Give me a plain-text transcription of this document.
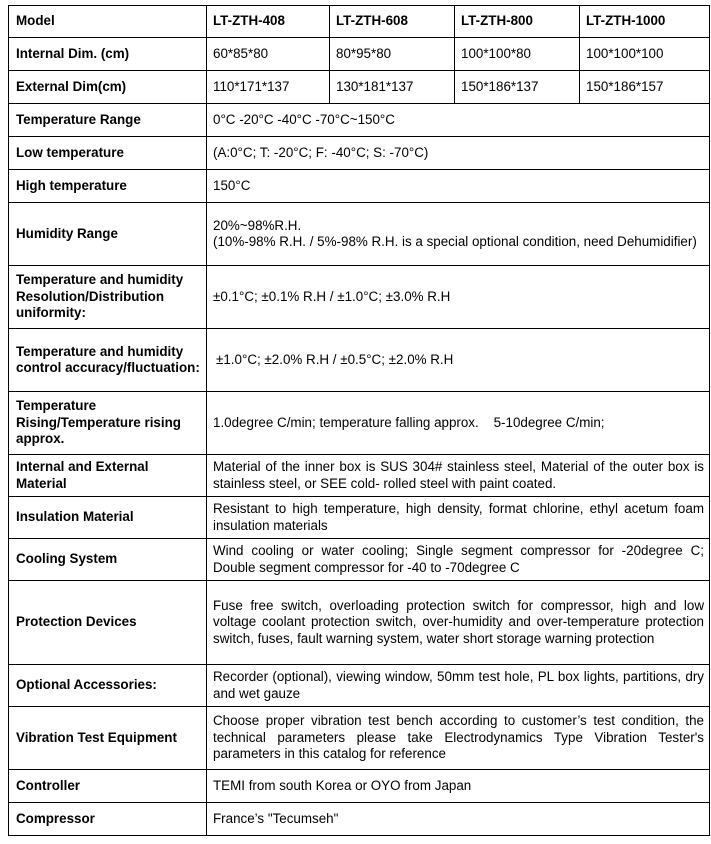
Model	LT-ZTH-408	LT-ZTH-608	LT-ZTH-800	LT-ZTH-1000
Internal Dim. (cm)	60*85*80	80*95*80	100*100*80	100*100*100
External Dim(cm)	110*171*137	130*181*137	150*186*137	150*186*157
Temperature Range	0°C -20°C -40°C -70°C~150°C			
Low temperature	(A:0°C; T: -20°C; F: -40°C; S: -70°C)			
High temperature	150°C			
Humidity Range	20%~98%R.H.
(10%-98% R.H. / 5%-98% R.H. is a special optional condition, need Dehumidifier)			

Temperature and humidity Resolution/Distribution uniformity:	±0.1°C; ±0.1% R.H / ±1.0°C; ±3.0% R.H			
Temperature and humidity control accuracy/fluctuation:	±1.0°C; ±2.0% R.H / ±0.5°C; ±2.0% R.H			
Temperature Rising/Temperature rising approx.	1.0degree C/min; temperature falling approx.    5-10degree C/min;			
Internal and External Material	Material of the inner box is SUS 304# stainless steel, Material of the outer box is stainless steel, or SEE cold- rolled steel with paint coated.			
Insulation Material	Resistant to high temperature, high density, format chlorine, ethyl acetum foam insulation materials			
Cooling System	Wind cooling or water cooling; Single segment compressor for -20degree C; Double segment compressor for -40 to -70degree C			
Protection Devices	Fuse free switch, overloading protection switch for compressor, high and low voltage coolant protection switch, over-humidity and over-temperature protection switch, fuses, fault warning system, water short storage warning protection			
Optional Accessories:	Recorder (optional), viewing window, 50mm test hole, PL box lights, partitions, dry and wet gauze			
Vibration Test Equipment	Choose proper vibration test bench according to customer’s test condition, the technical parameters please take Electrodynamics Type Vibration Tester's parameters in this catalog for reference			
Controller	TEMI from south Korea or OYO from Japan			
Compressor	France’s "Tecumseh"			
